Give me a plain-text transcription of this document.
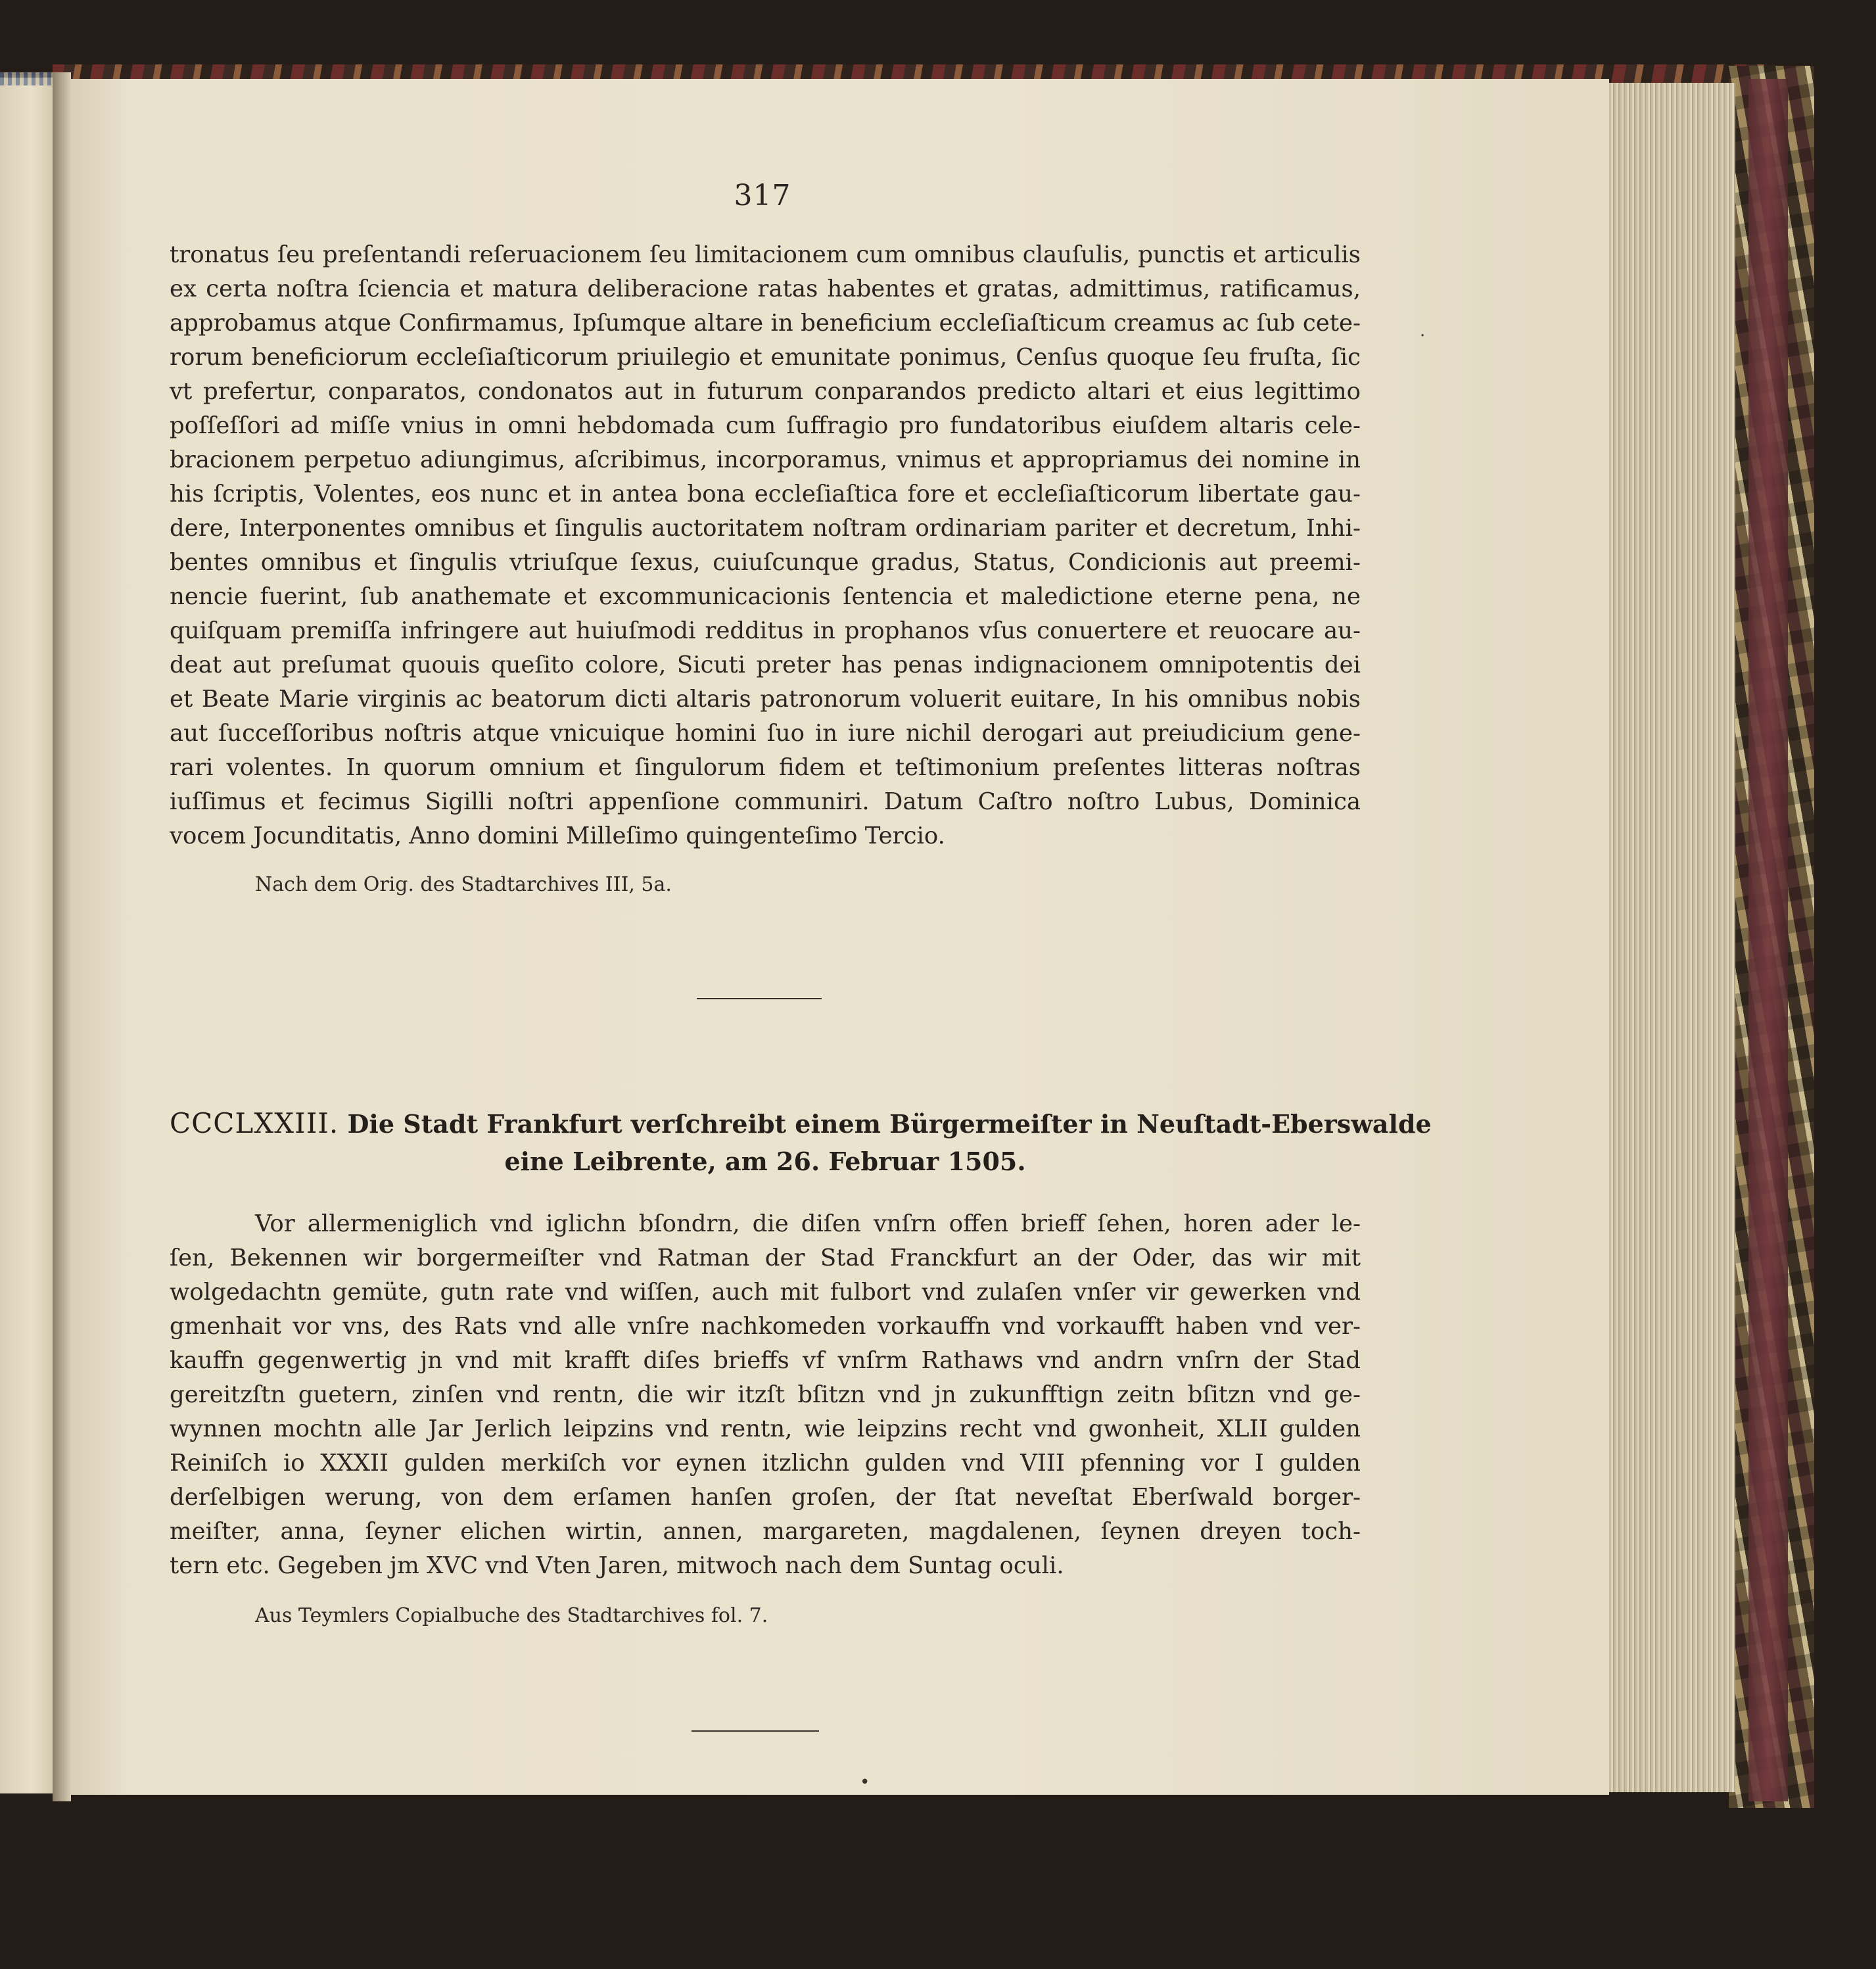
317
tronatus ſeu preſentandi reſeruacionem ſeu limitacionem cum omnibus clauſulis, punctis et articulis
ex certa noſtra ſciencia et matura deliberacione ratas habentes et gratas, admittimus, ratificamus,
approbamus atque Confirmamus, Ipſumque altare in beneficium eccleſiaſticum creamus ac ſub cete-
rorum beneficiorum eccleſiaſticorum priuilegio et emunitate ponimus, Cenſus quoque ſeu fruſta, ſic
vt prefertur, conparatos, condonatos aut in futurum conparandos predicto altari et eius legittimo
poſſeſſori ad miſſe vnius in omni hebdomada cum ſuffragio pro fundatoribus eiuſdem altaris cele-
bracionem perpetuo adiungimus, aſcribimus, incorporamus, vnimus et appropriamus dei nomine in
his ſcriptis, Volentes, eos nunc et in antea bona eccleſiaſtica fore et eccleſiaſticorum libertate gau-
dere, Interponentes omnibus et ſingulis auctoritatem noſtram ordinariam pariter et decretum, Inhi-
bentes omnibus et ſingulis vtriuſque ſexus, cuiuſcunque gradus, Status, Condicionis aut preemi-
nencie fuerint, ſub anathemate et excommunicacionis ſentencia et maledictione eterne pena, ne
quiſquam premiſſa infringere aut huiuſmodi redditus in prophanos vſus conuertere et reuocare au-
deat aut preſumat quouis queſito colore, Sicuti preter has penas indignacionem omnipotentis dei
et Beate Marie virginis ac beatorum dicti altaris patronorum voluerit euitare, In his omnibus nobis
aut ſucceſſoribus noſtris atque vnicuique homini ſuo in iure nichil derogari aut preiudicium gene-
rari volentes. In quorum omnium et ſingulorum fidem et teſtimonium preſentes litteras noſtras
iuſſimus et fecimus Sigilli noſtri appenſione communiri. Datum Caſtro noſtro Lubus, Dominica
vocem Jocunditatis, Anno domini Milleſimo quingenteſimo Tercio.
Nach dem Orig. des Stadtarchives III, 5a.
CCCLXXIII. Die Stadt Frankfurt verſchreibt einem Bürgermeiſter in Neuſtadt-Eberswalde
eine Leibrente, am 26. Februar 1505.
Vor allermeniglich vnd iglichn bſondrn, die diſen vnſrn offen brieff ſehen, horen ader le-
ſen, Bekennen wir borgermeiſter vnd Ratman der Stad Franckfurt an der Oder, das wir mit
wolgedachtn gemüte, gutn rate vnd wiſſen, auch mit fulbort vnd zulaſen vnſer vir gewerken vnd
gmenhait vor vns, des Rats vnd alle vnſre nachkomeden vorkauffn vnd vorkaufft haben vnd ver-
kauffn gegenwertig jn vnd mit krafft diſes brieffs vf vnſrm Rathaws vnd andrn vnſrn der Stad
gereitzſtn guetern, zinſen vnd rentn, die wir itzſt bſitzn vnd jn zukunfftign zeitn bſitzn vnd ge-
wynnen mochtn alle Jar Jerlich leipzins vnd rentn, wie leipzins recht vnd gwonheit, XLII gulden
Reiniſch io XXXII gulden merkiſch vor eynen itzlichn gulden vnd VIII pfenning vor I gulden
derſelbigen werung, von dem erſamen hanſen groſen, der ſtat neveſtat Eberſwald borger-
meiſter, anna, ſeyner elichen wirtin, annen, margareten, magdalenen, ſeynen dreyen toch-
tern etc. Gegeben jm XVC vnd Vten Jaren, mitwoch nach dem Suntag oculi.
Aus Teymlers Copialbuche des Stadtarchives fol. 7.
•
·
